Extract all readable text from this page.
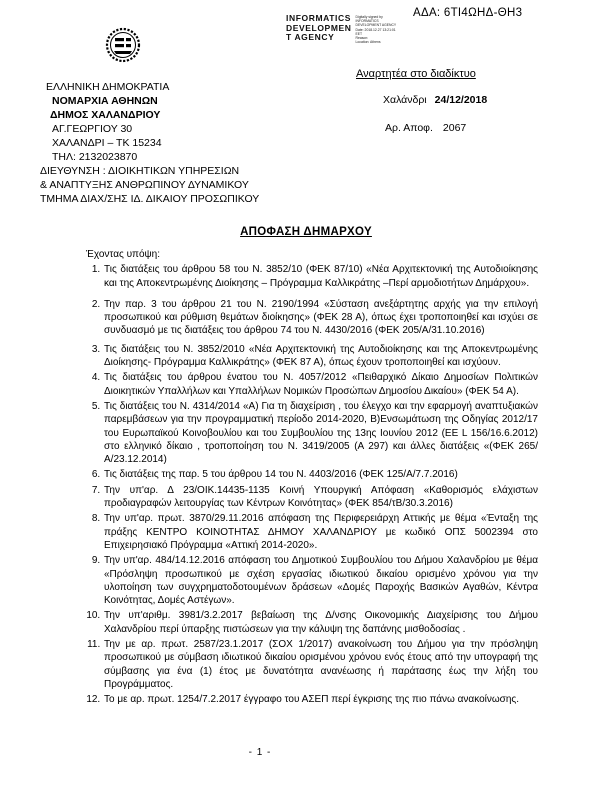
ΑΔΑ: 6ΤΙ4ΩΗΔ-ΘΗ3
INFORMATICS
DEVELOPMEN
T AGENCY
Digitally signed by
INFORMATICS
DEVELOPMENT AGENCY
Date: 2018.12.27 13:21:01
EET
Reason:
Location: Athens
Αναρτητέα στο διαδίκτυο
ΕΛΛΗΝΙΚΗ ΔΗΜΟΚΡΑΤΙΑ
ΝΟΜΑΡΧΙΑ ΑΘΗΝΩΝ
ΔΗΜΟΣ ΧΑΛΑΝΔΡΙΟΥ
ΑΓ.ΓΕΩΡΓΙΟΥ 30
ΧΑΛΑΝΔΡΙ – ΤΚ 15234
ΤΗΛ: 2132023870
ΔΙΕΥΘΥΝΣΗ : ΔΙΟΙΚΗΤΙΚΩΝ ΥΠΗΡΕΣΙΩΝ
& ΑΝΑΠΤΥΞΗΣ ΑΝΘΡΩΠΙΝΟΥ ΔΥΝΑΜΙΚΟΥ
ΤΜΗΜΑ ΔΙΑΧ/ΣΗΣ ΙΔ. ΔΙΚΑΙΟΥ ΠΡΟΣΩΠΙΚΟΥ
Χαλάνδρι 24/12/2018
Αρ. Αποφ. 2067
ΑΠΟΦΑΣΗ ΔΗΜΑΡΧΟΥ

Έχοντας υπόψη:

1. Τις διατάξεις του άρθρου 58 του Ν. 3852/10 (ΦΕΚ 87/10) «Νέα Αρχιτεκτονική της Αυτοδιοίκησης και της Αποκεντρωμένης Διοίκησης – Πρόγραμμα Καλλικράτης –Περί αρμοδιοτήτων Δημάρχου».
2. Την παρ. 3 του άρθρου 21 του Ν. 2190/1994 «Σύσταση ανεξάρτητης αρχής για την επιλογή προσωπικού και ρύθμιση θεμάτων διοίκησης» (ΦΕΚ 28 Α), όπως έχει τροποποιηθεί και ισχύει σε συνδυασμό με τις διατάξεις του άρθρου 74 του Ν. 4430/2016 (ΦΕΚ 205/Α/31.10.2016)
3. Τις διατάξεις του Ν. 3852/2010 «Νέα Αρχιτεκτονική της Αυτοδιοίκησης και της Αποκεντρωμένης Διοίκησης- Πρόγραμμα Καλλικράτης» (ΦΕΚ 87 Α), όπως έχουν τροποποιηθεί και ισχύουν.
4. Τις διατάξεις του άρθρου ένατου του Ν. 4057/2012 «Πειθαρχικό Δίκαιο Δημοσίων Πολιτικών Διοικητικών Υπαλλήλων και Υπαλλήλων Νομικών Προσώπων Δημοσίου Δικαίου» (ΦΕΚ 54 Α).
5. Τις διατάξεις του Ν. 4314/2014 «Α) Για τη διαχείριση , του έλεγχο και την εφαρμογή αναπτυξιακών παρεμβάσεων για την προγραμματική περίοδο 2014-2020, Β)Ενσωμάτωση της Οδηγίας 2012/17 του Ευρωπαϊκού Κοινοβουλίου και του Συμβουλίου της 13ης Ιουνίου 2012 (ΕΕ L 156/16.6.2012) στο ελληνικό δίκαιο , τροποποίηση του Ν. 3419/2005 (Α 297) και άλλες διατάξεις «(ΦΕΚ 265/Α/23.12.2014)
6. Τις διατάξεις της παρ. 5 του άρθρου 14 του Ν. 4403/2016 (ΦΕΚ 125/Α/7.7.2016)
7. Την υπ'αρ. Δ 23/ΟΙΚ.14435-1135 Κοινή Υπουργική Απόφαση «Καθορισμός ελάχιστων προδιαγραφών λειτουργίας των Κέντρων Κοινότητας» (ΦΕΚ 854/τΒ/30.3.2016)
8. Την υπ'αρ. πρωτ. 3870/29.11.2016 απόφαση της Περιφερειάρχη Αττικής με θέμα «Ένταξη της πράξης ΚΕΝΤΡΟ ΚΟΙΝΟΤΗΤΑΣ ΔΗΜΟΥ ΧΑΛΑΝΔΡΙΟΥ με κωδικό ΟΠΣ 5002394 στο Επιχειρησιακό Πρόγραμμα «Αττική 2014-2020».
9. Την υπ'αρ. 484/14.12.2016 απόφαση του Δημοτικού Συμβουλίου του Δήμου Χαλανδρίου με θέμα «Πρόσληψη προσωπικού με σχέση εργασίας ιδιωτικού δικαίου ορισμένο χρόνου για την υλοποίηση των συγχρηματοδοτουμένων δράσεων «Δομές Παροχής Βασικών Αγαθών, Κέντρα Κοινότητας, Δομές Αστέγων».
10. Την υπ'αριθμ. 3981/3.2.2017 βεβαίωση της Δ/νσης Οικονομικής Διαχείρισης του Δήμου Χαλανδρίου περί ύπαρξης πιστώσεων για την κάλυψη της δαπάνης μισθοδοσίας .
11. Την με αρ. πρωτ. 2587/23.1.2017 (ΣΟΧ 1/2017) ανακοίνωση του Δήμου για την πρόσληψη προσωπικού με σύμβαση ιδιωτικού δικαίου ορισμένου χρόνου ενός έτους από την υπογραφή της σύμβασης για ένα (1) έτος με δυνατότητα ανανέωσης ή παράτασης έως την λήξη του Προγράμματος.
12. Το με αρ. πρωτ. 1254/7.2.2017 έγγραφο του ΑΣΕΠ περί έγκρισης της πιο πάνω ανακοίνωσης.
- 1 -
